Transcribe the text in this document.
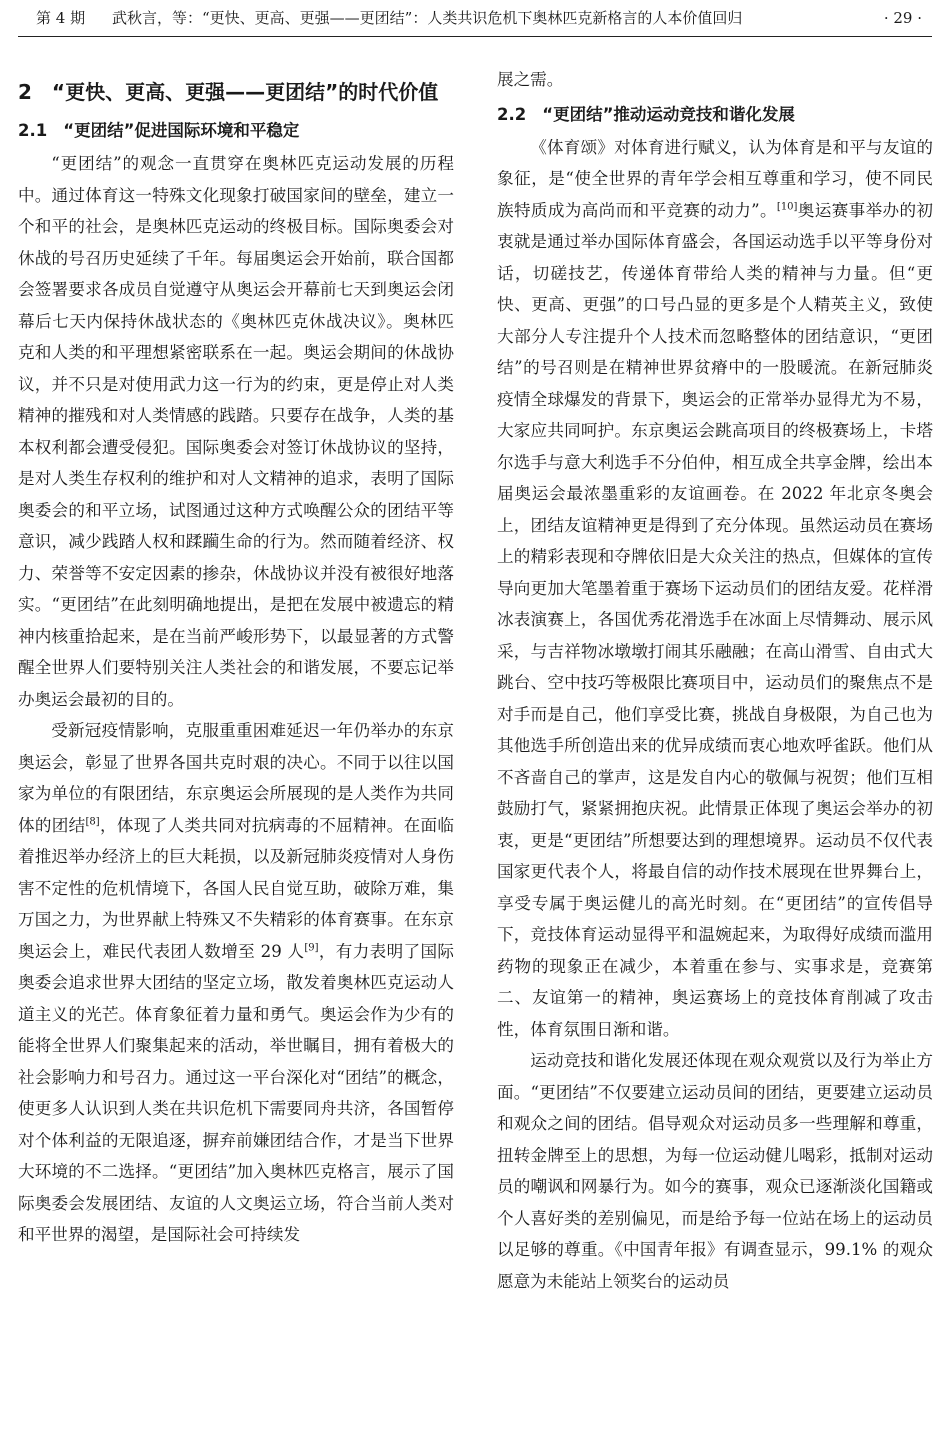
第 4 期	武秋言，等：“更快、更高、更强——更团结”：人类共识危机下奥林匹克新格言的人本价值回归	· 29 ·
2 “更快、更高、更强——更团结”的时代价值
2.1 “更团结”促进国际环境和平稳定

“更团结”的观念一直贯穿在奥林匹克运动发展的历程中。通过体育这一特殊文化现象打破国家间的壁垒，建立一个和平的社会，是奥林匹克运动的终极目标。国际奥委会对休战的号召历史延续了千年。每届奥运会开始前，联合国都会签署要求各成员自觉遵守从奥运会开幕前七天到奥运会闭幕后七天内保持休战状态的《奥林匹克休战决议》。奥林匹克和人类的和平理想紧密联系在一起。奥运会期间的休战协议，并不只是对使用武力这一行为的约束，更是停止对人类精神的摧残和对人类情感的践踏。只要存在战争，人类的基本权利都会遭受侵犯。国际奥委会对签订休战协议的坚持，是对人类生存权利的维护和对人文精神的追求，表明了国际奥委会的和平立场，试图通过这种方式唤醒公众的团结平等意识，减少践踏人权和蹂躏生命的行为。然而随着经济、权力、荣誉等不安定因素的掺杂，休战协议并没有被很好地落实。“更团结”在此刻明确地提出，是把在发展中被遗忘的精神内核重拾起来，是在当前严峻形势下，以最显著的方式警醒全世界人们要特别关注人类社会的和谐发展，不要忘记举办奥运会最初的目的。

受新冠疫情影响，克服重重困难延迟一年仍举办的东京奥运会，彰显了世界各国共克时艰的决心。不同于以往以国家为单位的有限团结，东京奥运会所展现的是人类作为共同体的团结[8]，体现了人类共同对抗病毒的不屈精神。在面临着推迟举办经济上的巨大耗损，以及新冠肺炎疫情对人身伤害不定性的危机情境下，各国人民自觉互助，破除万难，集万国之力，为世界献上特殊又不失精彩的体育赛事。在东京奥运会上，难民代表团人数增至 29 人[9]，有力表明了国际奥委会追求世界大团结的坚定立场，散发着奥林匹克运动人道主义的光芒。体育象征着力量和勇气。奥运会作为少有的能将全世界人们聚集起来的活动，举世瞩目，拥有着极大的社会影响力和号召力。通过这一平台深化对“团结”的概念，使更多人认识到人类在共识危机下需要同舟共济，各国暂停对个体利益的无限追逐，摒弃前嫌团结合作，才是当下世界大环境的不二选择。“更团结”加入奥林匹克格言，展示了国际奥委会发展团结、友谊的人文奥运立场，符合当前人类对和平世界的渴望，是国际社会可持续发

展之需。

2.2 “更团结”推动运动竞技和谐化发展

《体育颂》对体育进行赋义，认为体育是和平与友谊的象征，是“使全世界的青年学会相互尊重和学习，使不同民族特质成为高尚而和平竞赛的动力”。[10]奥运赛事举办的初衷就是通过举办国际体育盛会，各国运动选手以平等身份对话，切磋技艺，传递体育带给人类的精神与力量。但“更快、更高、更强”的口号凸显的更多是个人精英主义，致使大部分人专注提升个人技术而忽略整体的团结意识，“更团结”的号召则是在精神世界贫瘠中的一股暖流。在新冠肺炎疫情全球爆发的背景下，奥运会的正常举办显得尤为不易，大家应共同呵护。东京奥运会跳高项目的终极赛场上，卡塔尔选手与意大利选手不分伯仲，相互成全共享金牌，绘出本届奥运会最浓墨重彩的友谊画卷。在 2022 年北京冬奥会上，团结友谊精神更是得到了充分体现。虽然运动员在赛场上的精彩表现和夺牌依旧是大众关注的热点，但媒体的宣传导向更加大笔墨着重于赛场下运动员们的团结友爱。花样滑冰表演赛上，各国优秀花滑选手在冰面上尽情舞动、展示风采，与吉祥物冰墩墩打闹其乐融融；在高山滑雪、自由式大跳台、空中技巧等极限比赛项目中，运动员们的聚焦点不是对手而是自己，他们享受比赛，挑战自身极限，为自己也为其他选手所创造出来的优异成绩而衷心地欢呼雀跃。他们从不吝啬自己的掌声，这是发自内心的敬佩与祝贺；他们互相鼓励打气，紧紧拥抱庆祝。此情景正体现了奥运会举办的初衷，更是“更团结”所想要达到的理想境界。运动员不仅代表国家更代表个人，将最自信的动作技术展现在世界舞台上，享受专属于奥运健儿的高光时刻。在“更团结”的宣传倡导下，竞技体育运动显得平和温婉起来，为取得好成绩而滥用药物的现象正在减少，本着重在参与、实事求是，竞赛第二、友谊第一的精神，奥运赛场上的竞技体育削减了攻击性，体育氛围日渐和谐。

运动竞技和谐化发展还体现在观众观赏以及行为举止方面。“更团结”不仅要建立运动员间的团结，更要建立运动员和观众之间的团结。倡导观众对运动员多一些理解和尊重，扭转金牌至上的思想，为每一位运动健儿喝彩，抵制对运动员的嘲讽和网暴行为。如今的赛事，观众已逐渐淡化国籍或个人喜好类的差别偏见，而是给予每一位站在场上的运动员以足够的尊重。《中国青年报》有调查显示，99.1% 的观众愿意为未能站上领奖台的运动员
